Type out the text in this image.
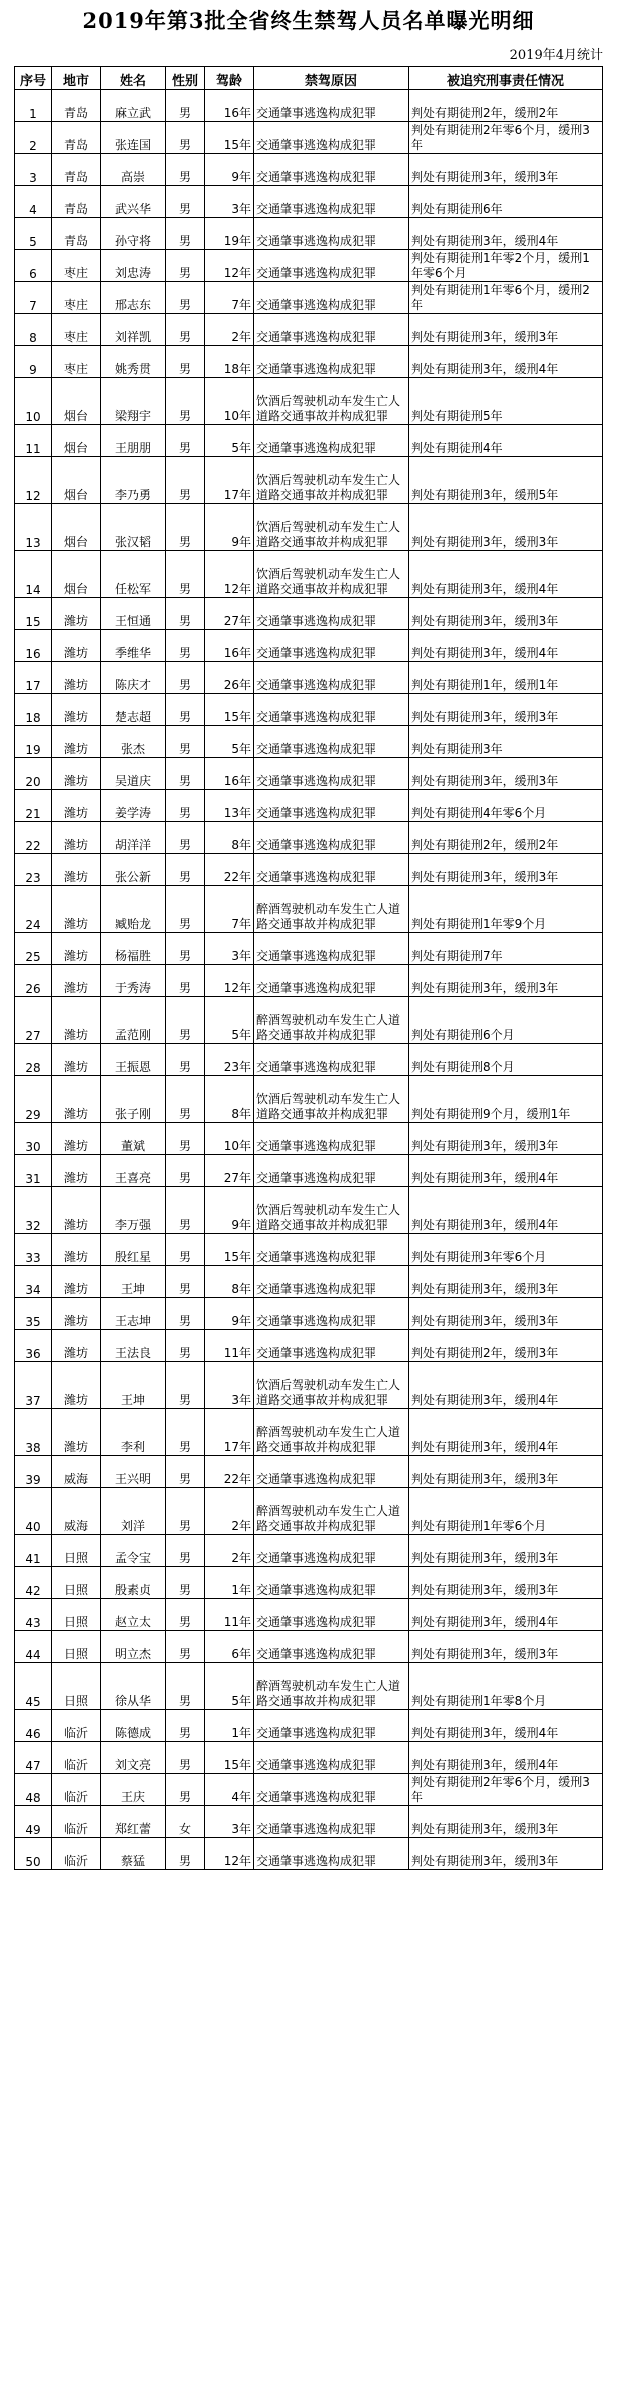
2019年第3批全省终生禁驾人员名单曝光明细
2019年4月统计
序号	地市	姓名	性别	驾龄	禁驾原因	被追究刑事责任情况
1	青岛	麻立武	男	16年	交通肇事逃逸构成犯罪	判处有期徒刑2年，缓刑2年
2	青岛	张连国	男	15年	交通肇事逃逸构成犯罪	判处有期徒刑2年零6个月，缓刑3年
3	青岛	高崇	男	9年	交通肇事逃逸构成犯罪	判处有期徒刑3年，缓刑3年
4	青岛	武兴华	男	3年	交通肇事逃逸构成犯罪	判处有期徒刑6年
5	青岛	孙守将	男	19年	交通肇事逃逸构成犯罪	判处有期徒刑3年，缓刑4年
6	枣庄	刘忠涛	男	12年	交通肇事逃逸构成犯罪	判处有期徒刑1年零2个月，缓刑1年零6个月
7	枣庄	邢志东	男	7年	交通肇事逃逸构成犯罪	判处有期徒刑1年零6个月，缓刑2年
8	枣庄	刘祥凯	男	2年	交通肇事逃逸构成犯罪	判处有期徒刑3年，缓刑3年
9	枣庄	姚秀贯	男	18年	交通肇事逃逸构成犯罪	判处有期徒刑3年，缓刑4年
10	烟台	梁翔宇	男	10年	饮酒后驾驶机动车发生亡人道路交通事故并构成犯罪	判处有期徒刑5年
11	烟台	王朋朋	男	5年	交通肇事逃逸构成犯罪	判处有期徒刑4年
12	烟台	李乃勇	男	17年	饮酒后驾驶机动车发生亡人道路交通事故并构成犯罪	判处有期徒刑3年，缓刑5年
13	烟台	张汉韬	男	9年	饮酒后驾驶机动车发生亡人道路交通事故并构成犯罪	判处有期徒刑3年，缓刑3年
14	烟台	任松军	男	12年	饮酒后驾驶机动车发生亡人道路交通事故并构成犯罪	判处有期徒刑3年，缓刑4年
15	潍坊	王恒通	男	27年	交通肇事逃逸构成犯罪	判处有期徒刑3年，缓刑3年
16	潍坊	季维华	男	16年	交通肇事逃逸构成犯罪	判处有期徒刑3年，缓刑4年
17	潍坊	陈庆才	男	26年	交通肇事逃逸构成犯罪	判处有期徒刑1年，缓刑1年
18	潍坊	楚志超	男	15年	交通肇事逃逸构成犯罪	判处有期徒刑3年，缓刑3年
19	潍坊	张杰	男	5年	交通肇事逃逸构成犯罪	判处有期徒刑3年
20	潍坊	吴道庆	男	16年	交通肇事逃逸构成犯罪	判处有期徒刑3年，缓刑3年
21	潍坊	姜学涛	男	13年	交通肇事逃逸构成犯罪	判处有期徒刑4年零6个月
22	潍坊	胡洋洋	男	8年	交通肇事逃逸构成犯罪	判处有期徒刑2年，缓刑2年
23	潍坊	张公新	男	22年	交通肇事逃逸构成犯罪	判处有期徒刑3年，缓刑3年
24	潍坊	臧贻龙	男	7年	醉酒驾驶机动车发生亡人道路交通事故并构成犯罪	判处有期徒刑1年零9个月
25	潍坊	杨福胜	男	3年	交通肇事逃逸构成犯罪	判处有期徒刑7年
26	潍坊	于秀涛	男	12年	交通肇事逃逸构成犯罪	判处有期徒刑3年，缓刑3年
27	潍坊	孟范刚	男	5年	醉酒驾驶机动车发生亡人道路交通事故并构成犯罪	判处有期徒刑6个月
28	潍坊	王振恩	男	23年	交通肇事逃逸构成犯罪	判处有期徒刑8个月
29	潍坊	张子刚	男	8年	饮酒后驾驶机动车发生亡人道路交通事故并构成犯罪	判处有期徒刑9个月，缓刑1年
30	潍坊	董斌	男	10年	交通肇事逃逸构成犯罪	判处有期徒刑3年，缓刑3年
31	潍坊	王喜亮	男	27年	交通肇事逃逸构成犯罪	判处有期徒刑3年，缓刑4年
32	潍坊	李万强	男	9年	饮酒后驾驶机动车发生亡人道路交通事故并构成犯罪	判处有期徒刑3年，缓刑4年
33	潍坊	殷红星	男	15年	交通肇事逃逸构成犯罪	判处有期徒刑3年零6个月
34	潍坊	王坤	男	8年	交通肇事逃逸构成犯罪	判处有期徒刑3年，缓刑3年
35	潍坊	王志坤	男	9年	交通肇事逃逸构成犯罪	判处有期徒刑3年，缓刑3年
36	潍坊	王法良	男	11年	交通肇事逃逸构成犯罪	判处有期徒刑2年，缓刑3年
37	潍坊	王坤	男	3年	饮酒后驾驶机动车发生亡人道路交通事故并构成犯罪	判处有期徒刑3年，缓刑4年
38	潍坊	李利	男	17年	醉酒驾驶机动车发生亡人道路交通事故并构成犯罪	判处有期徒刑3年，缓刑4年
39	威海	王兴明	男	22年	交通肇事逃逸构成犯罪	判处有期徒刑3年，缓刑3年
40	威海	刘洋	男	2年	醉酒驾驶机动车发生亡人道路交通事故并构成犯罪	判处有期徒刑1年零6个月
41	日照	孟令宝	男	2年	交通肇事逃逸构成犯罪	判处有期徒刑3年，缓刑3年
42	日照	殷素贞	男	1年	交通肇事逃逸构成犯罪	判处有期徒刑3年，缓刑3年
43	日照	赵立太	男	11年	交通肇事逃逸构成犯罪	判处有期徒刑3年，缓刑4年
44	日照	明立杰	男	6年	交通肇事逃逸构成犯罪	判处有期徒刑3年，缓刑3年
45	日照	徐从华	男	5年	醉酒驾驶机动车发生亡人道路交通事故并构成犯罪	判处有期徒刑1年零8个月
46	临沂	陈德成	男	1年	交通肇事逃逸构成犯罪	判处有期徒刑3年，缓刑4年
47	临沂	刘文亮	男	15年	交通肇事逃逸构成犯罪	判处有期徒刑3年，缓刑4年
48	临沂	王庆	男	4年	交通肇事逃逸构成犯罪	判处有期徒刑2年零6个月，缓刑3年
49	临沂	郑红蕾	女	3年	交通肇事逃逸构成犯罪	判处有期徒刑3年，缓刑3年
50	临沂	蔡猛	男	12年	交通肇事逃逸构成犯罪	判处有期徒刑3年，缓刑3年
